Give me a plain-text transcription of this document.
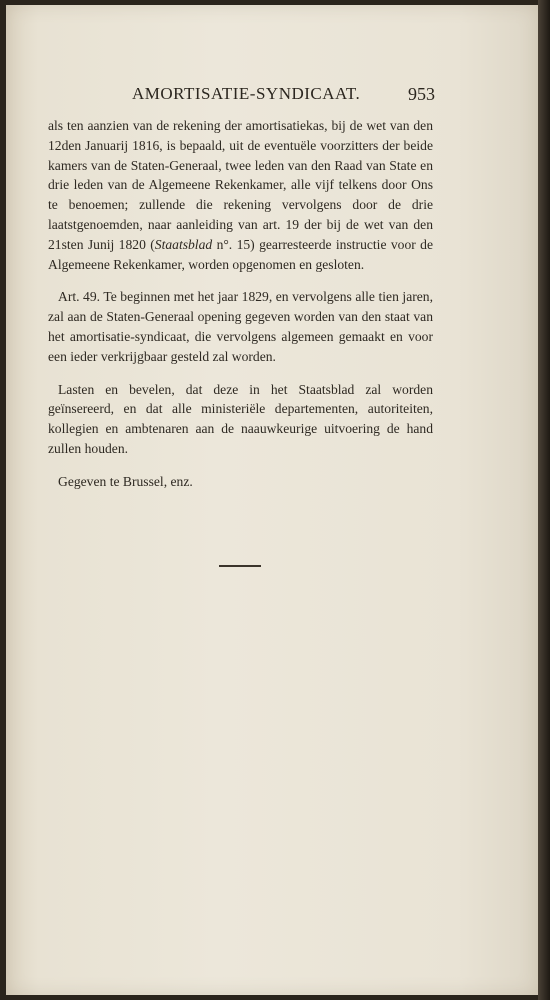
AMORTISATIE-SYNDICAAT.	953

als ten aanzien van de rekening der amortisatiekas, bij de wet van den 12den Januarij 1816, is bepaald, uit de eventuële voorzitters der beide kamers van de Staten-Generaal, twee leden van den Raad van State en drie leden van de Algemeene Rekenkamer, alle vijf telkens door Ons te benoemen; zullende die rekening vervolgens door de drie laatstgenoemden, naar aanleiding van art. 19 der bij de wet van den 21sten Junij 1820 (Staatsblad n°. 15) gearresteerde instructie voor de Algemeene Rekenkamer, worden opgenomen en gesloten.

Art. 49. Te beginnen met het jaar 1829, en vervolgens alle tien jaren, zal aan de Staten-Generaal opening gegeven worden van den staat van het amortisatie-syndicaat, die vervolgens algemeen gemaakt en voor een ieder verkrijgbaar gesteld zal worden.

Lasten en bevelen, dat deze in het Staatsblad zal worden geïnsereerd, en dat alle ministeriële departementen, autoriteiten, kollegien en ambtenaren aan de naauwkeurige uitvoering de hand zullen houden.

Gegeven te Brussel, enz.
